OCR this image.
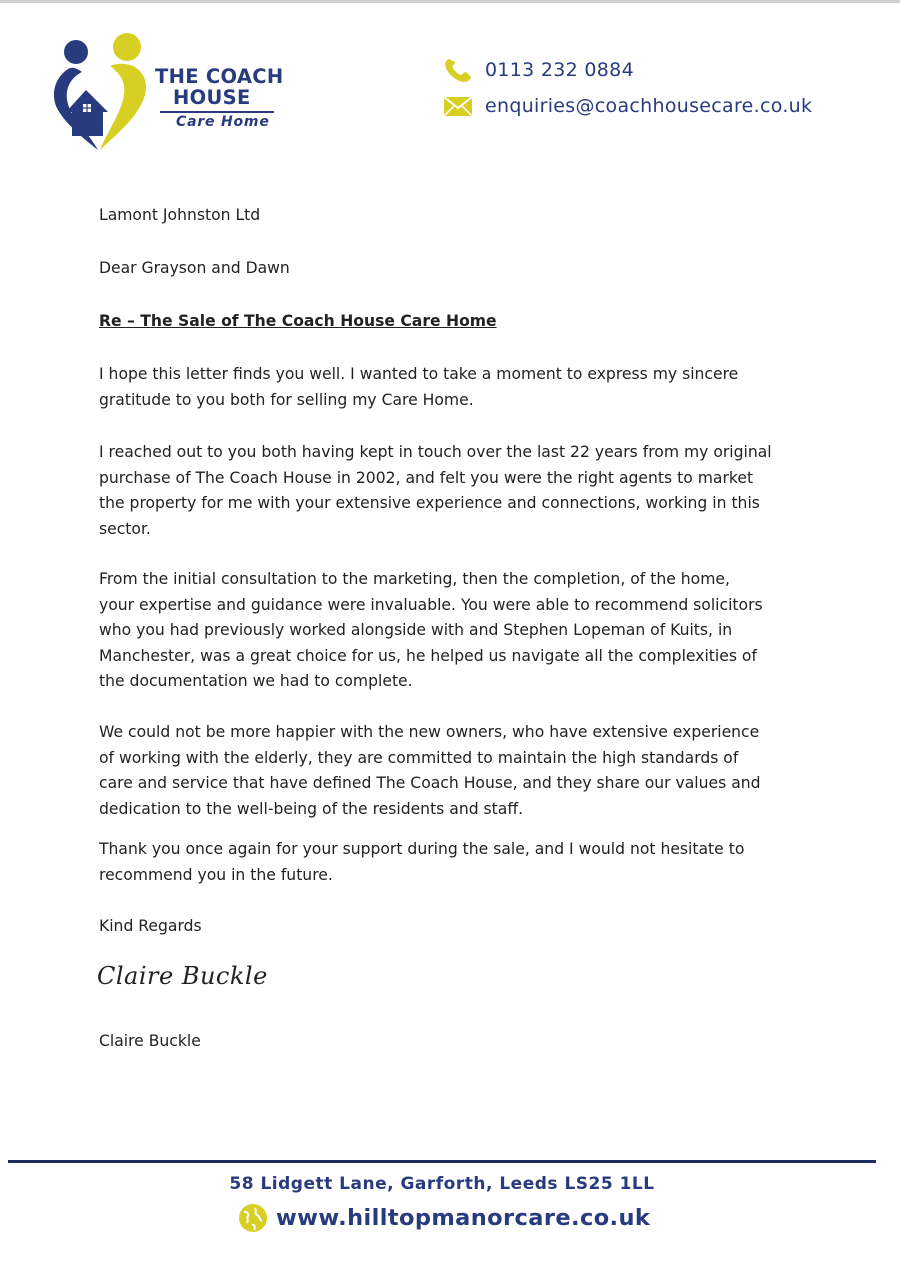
THE COACH
HOUSE
Care Home
0113 232 0884
enquiries@coachhousecare.co.uk
Lamont Johnston Ltd
Dear Grayson and Dawn
Re – The Sale of The Coach House Care Home

I hope this letter finds you well. I wanted to take a moment to express my sincere

gratitude to you both for selling my Care Home.

I reached out to you both having kept in touch over the last 22 years from my original

purchase of The Coach House in 2002, and felt you were the right agents to market

the property for me with your extensive experience and connections, working in this

sector.

From the initial consultation to the marketing, then the completion, of the home,

your expertise and guidance were invaluable. You were able to recommend solicitors

who you had previously worked alongside with and Stephen Lopeman of Kuits, in

Manchester, was a great choice for us, he helped us navigate all the complexities of

the documentation we had to complete.

We could not be more happier with the new owners, who have extensive experience

of working with the elderly, they are committed to maintain the high standards of

care and service that have defined The Coach House, and they share our values and

dedication to the well-being of the residents and staff.

Thank you once again for your support during the sale, and I would not hesitate to

recommend you in the future.

Kind Regards
Claire Buckle
Claire Buckle
58 Lidgett Lane, Garforth, Leeds LS25 1LL
www.hilltopmanorcare.co.uk
